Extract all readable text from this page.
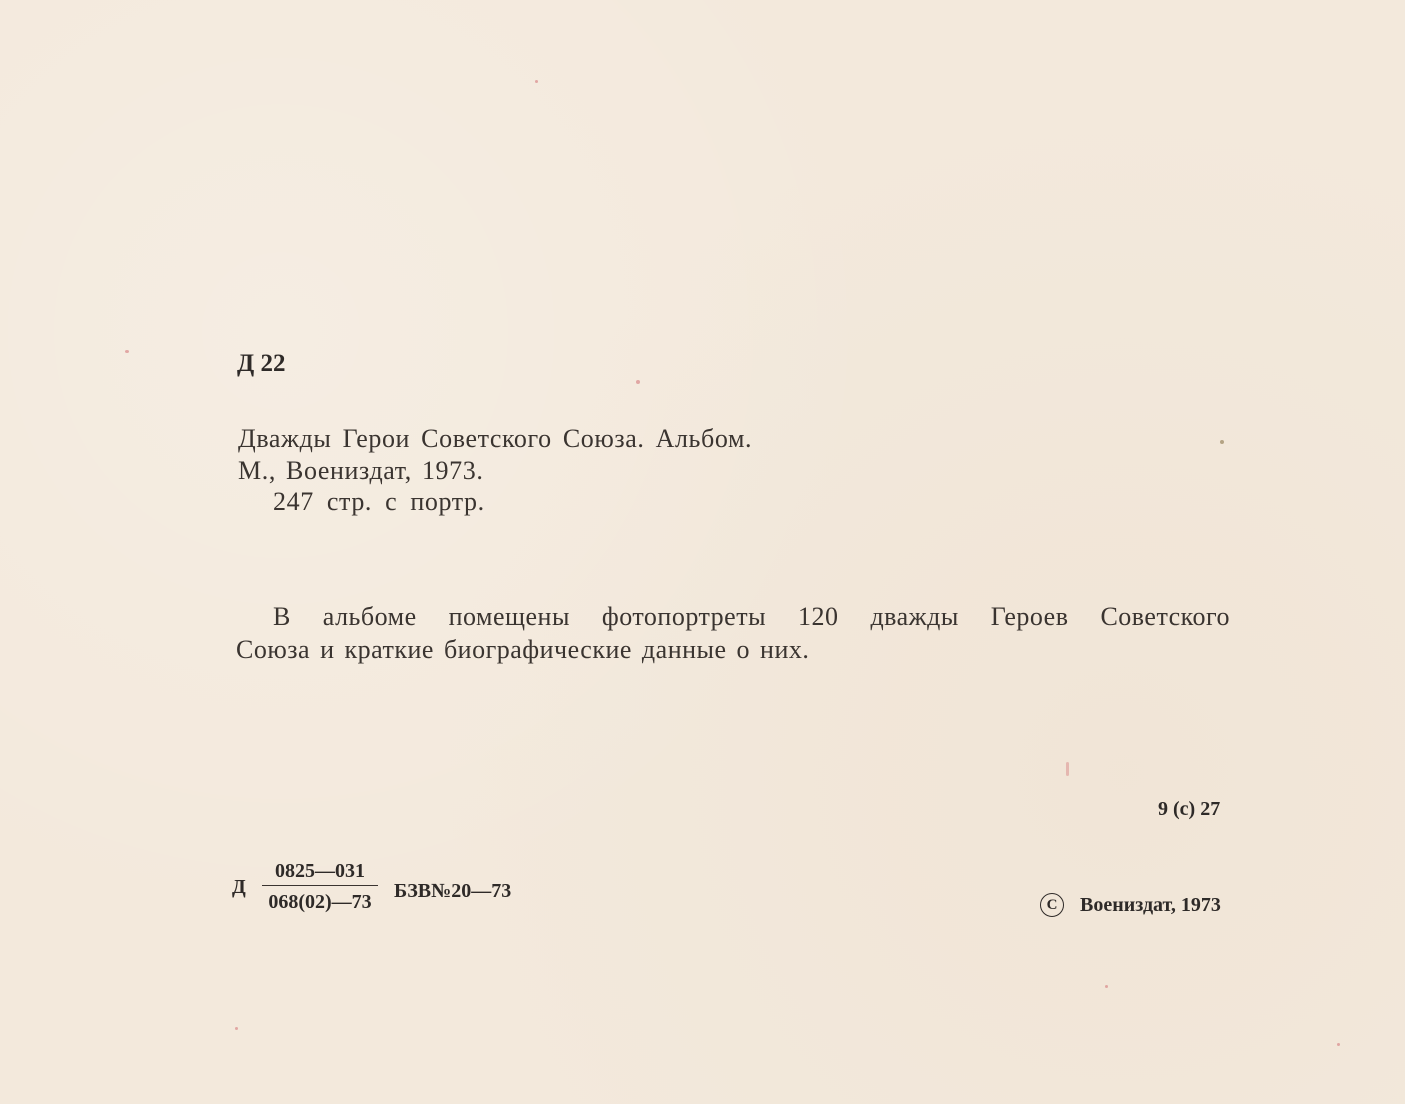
Д 22
Дважды Герои Советского Союза. Альбом.
М., Воениздат, 1973.
247 стр. с портр.
В альбоме помещены фотопортреты 120 дважды Героев Советского
Союза и краткие биографические данные о них.
9 (с) 27
Д
0825—031
068(02)—73	БЗВ№20—73
C Воениздат, 1973
